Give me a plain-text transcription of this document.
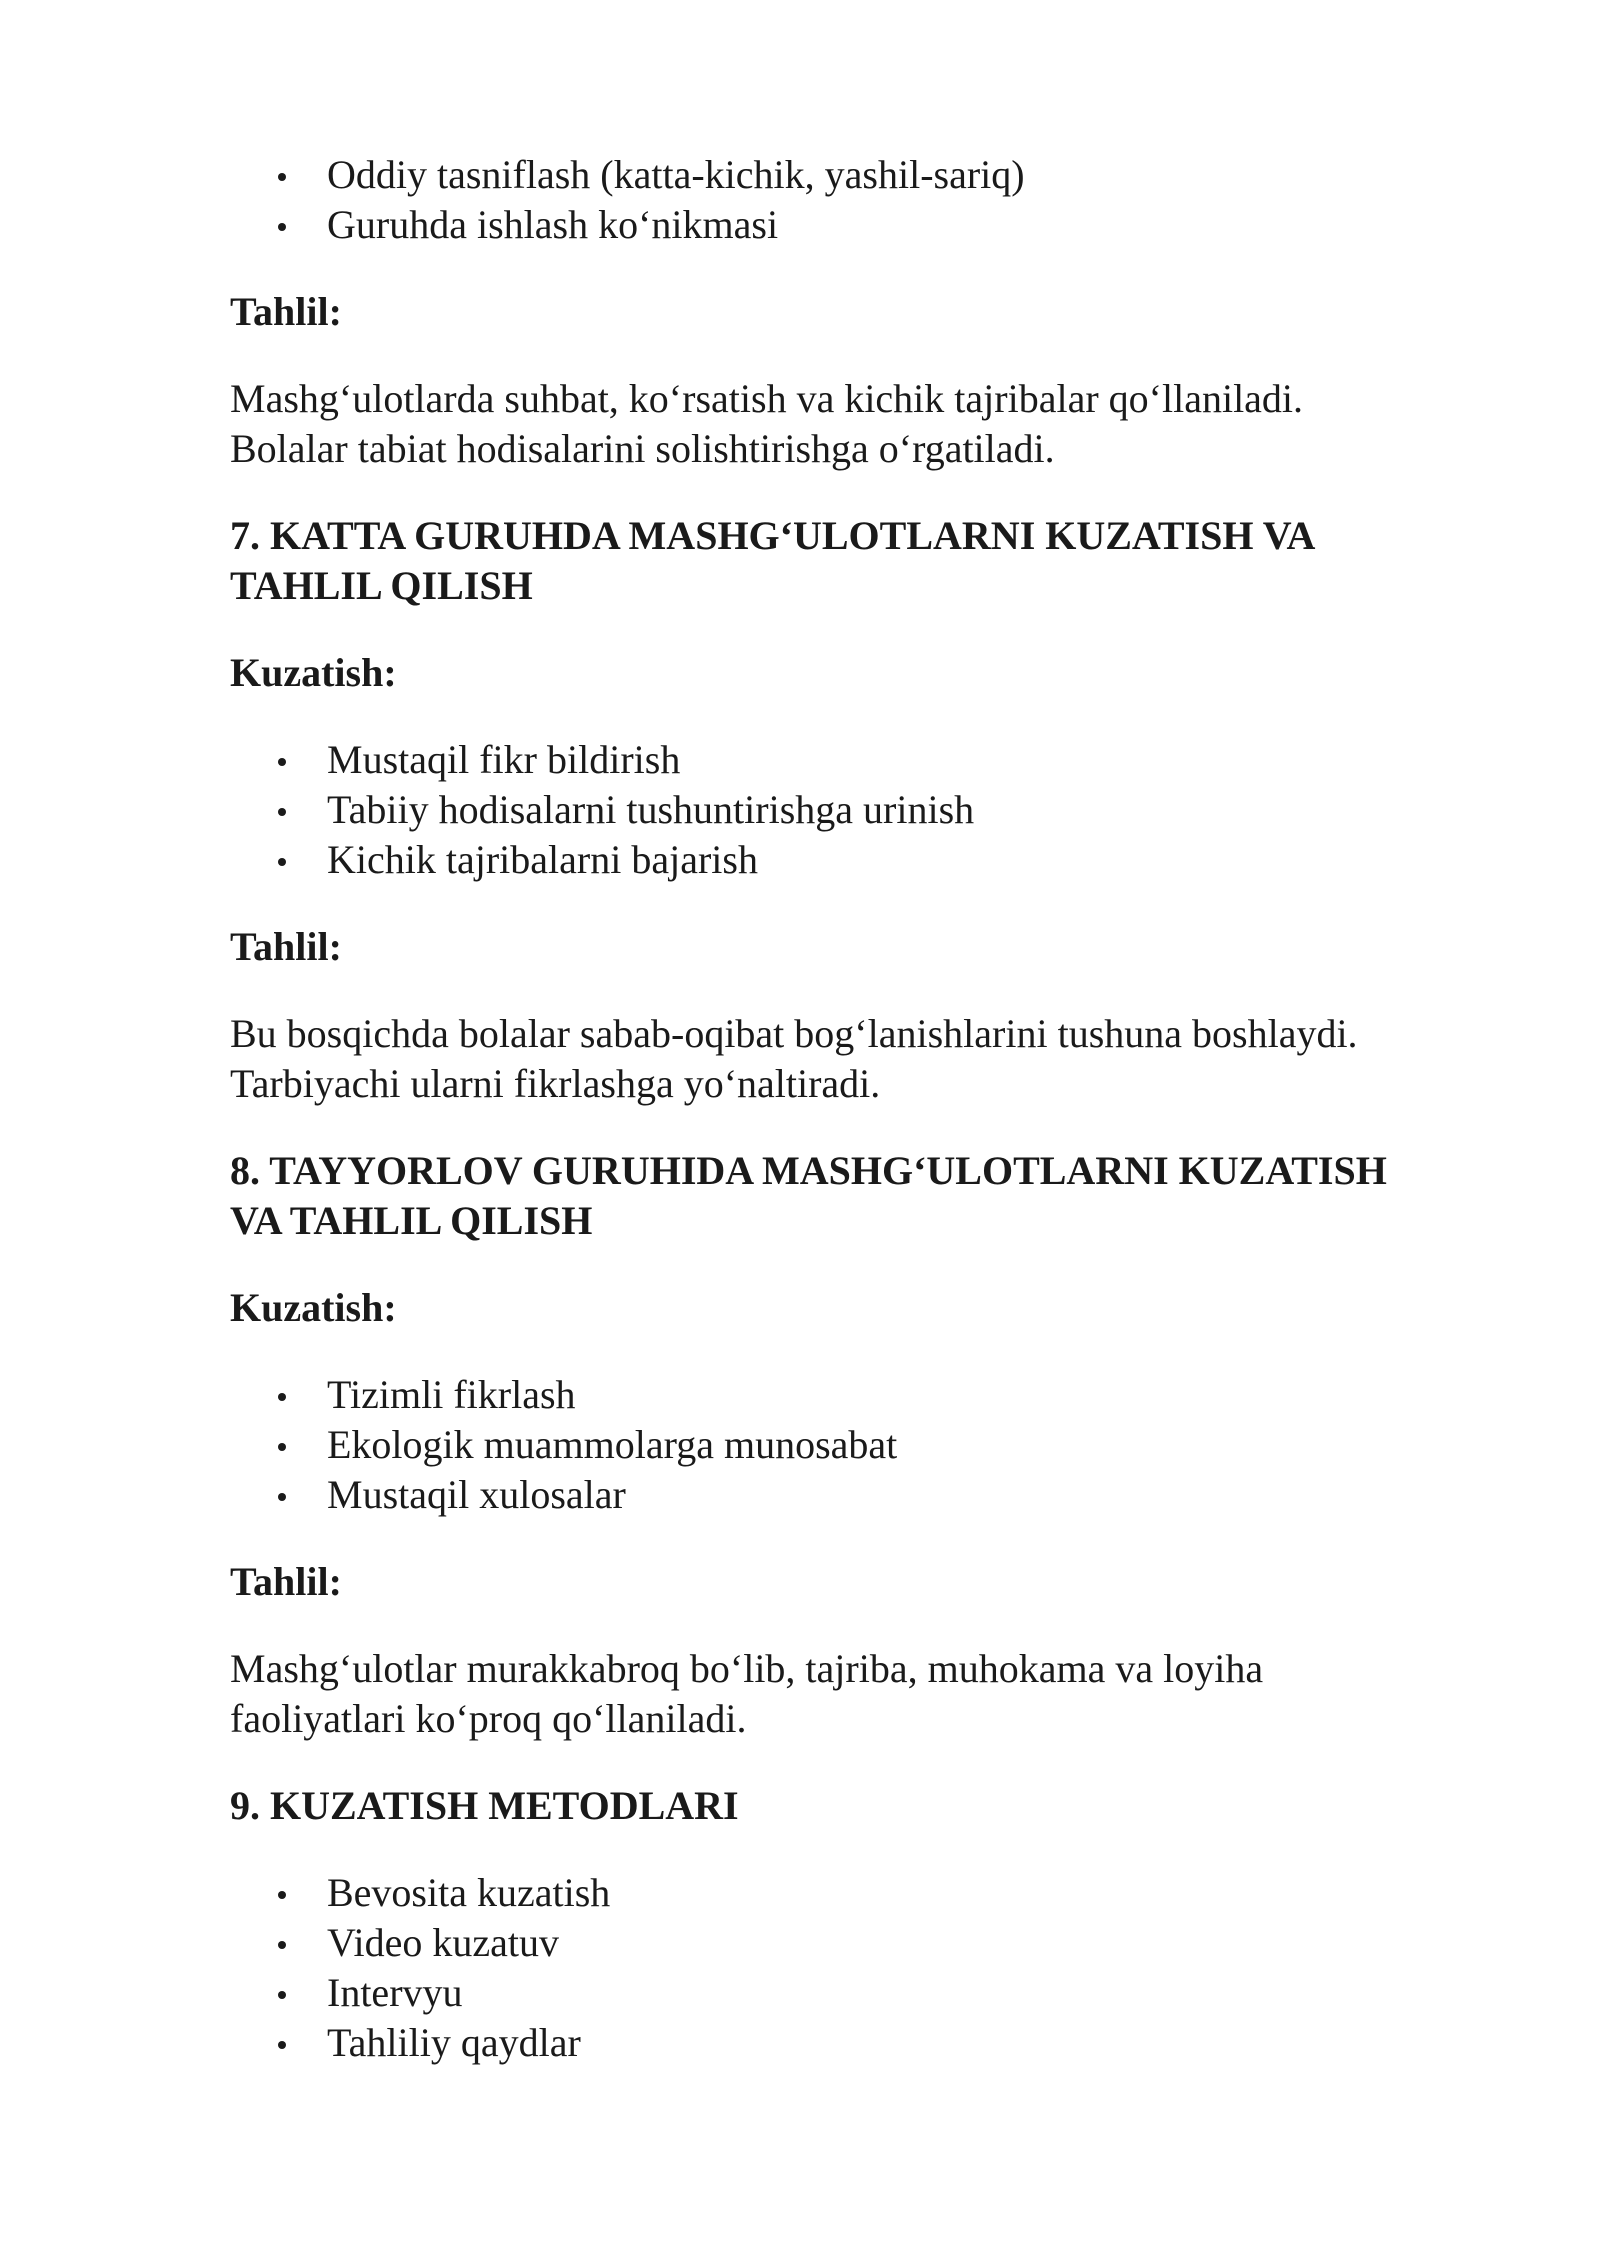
Oddiy tasniflash (katta-kichik, yashil-sariq)
Guruhda ishlash ko‘nikmasi

Tahlil:

Mashg‘ulotlarda suhbat, ko‘rsatish va kichik tajribalar qo‘llaniladi.
Bolalar tabiat hodisalarini solishtirishga o‘rgatiladi.
7. KATTA GURUHDA MASHG‘ULOTLARNI KUZATISH VA
TAHLIL QILISH

Kuzatish:

Mustaqil fikr bildirish
Tabiiy hodisalarni tushuntirishga urinish
Kichik tajribalarni bajarish

Tahlil:

Bu bosqichda bolalar sabab-oqibat bog‘lanishlarini tushuna boshlaydi.
Tarbiyachi ularni fikrlashga yo‘naltiradi.
8. TAYYORLOV GURUHIDA MASHG‘ULOTLARNI KUZATISH
VA TAHLIL QILISH

Kuzatish:

Tizimli fikrlash
Ekologik muammolarga munosabat
Mustaqil xulosalar

Tahlil:

Mashg‘ulotlar murakkabroq bo‘lib, tajriba, muhokama va loyiha
faoliyatlari ko‘proq qo‘llaniladi.

9. KUZATISH METODLARI

Bevosita kuzatish
Video kuzatuv
Intervyu
Tahliliy qaydlar
